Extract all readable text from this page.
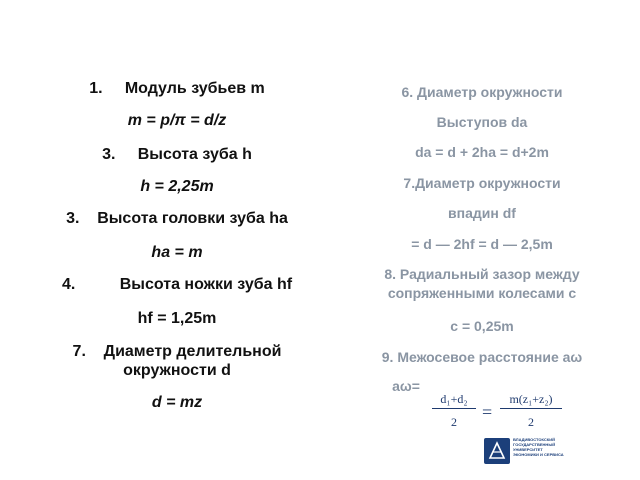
1. Модуль зубьев m
m = p/π = d/z
3. Высота зуба h
h = 2,25m
3. Высота головки зуба ha
ha = m
4.	Высота ножки зуба hf
hf = 1,25m
7. Диаметр делительной окружности d
d = mz
6. Диаметр окружности
Выступов da
da = d + 2ha = d+2m
7.Диаметр окружности
впадин df
= d — 2hf = d — 2,5m
8. Радиальный зазор между сопряженными колесами с
c = 0,25m
9. Межосевое расстояние aω
aω=
$\frac{\text{d₁+d₂}}{2} = \frac{\text{m(z₁+z₂)}}{2}$
ВЛАДИВОСТОКСКИЙ ГОСУДАРСТВЕННЫЙ УНИВЕРСИТЕТ ЭКОНОМИКИ И СЕРВИСА
